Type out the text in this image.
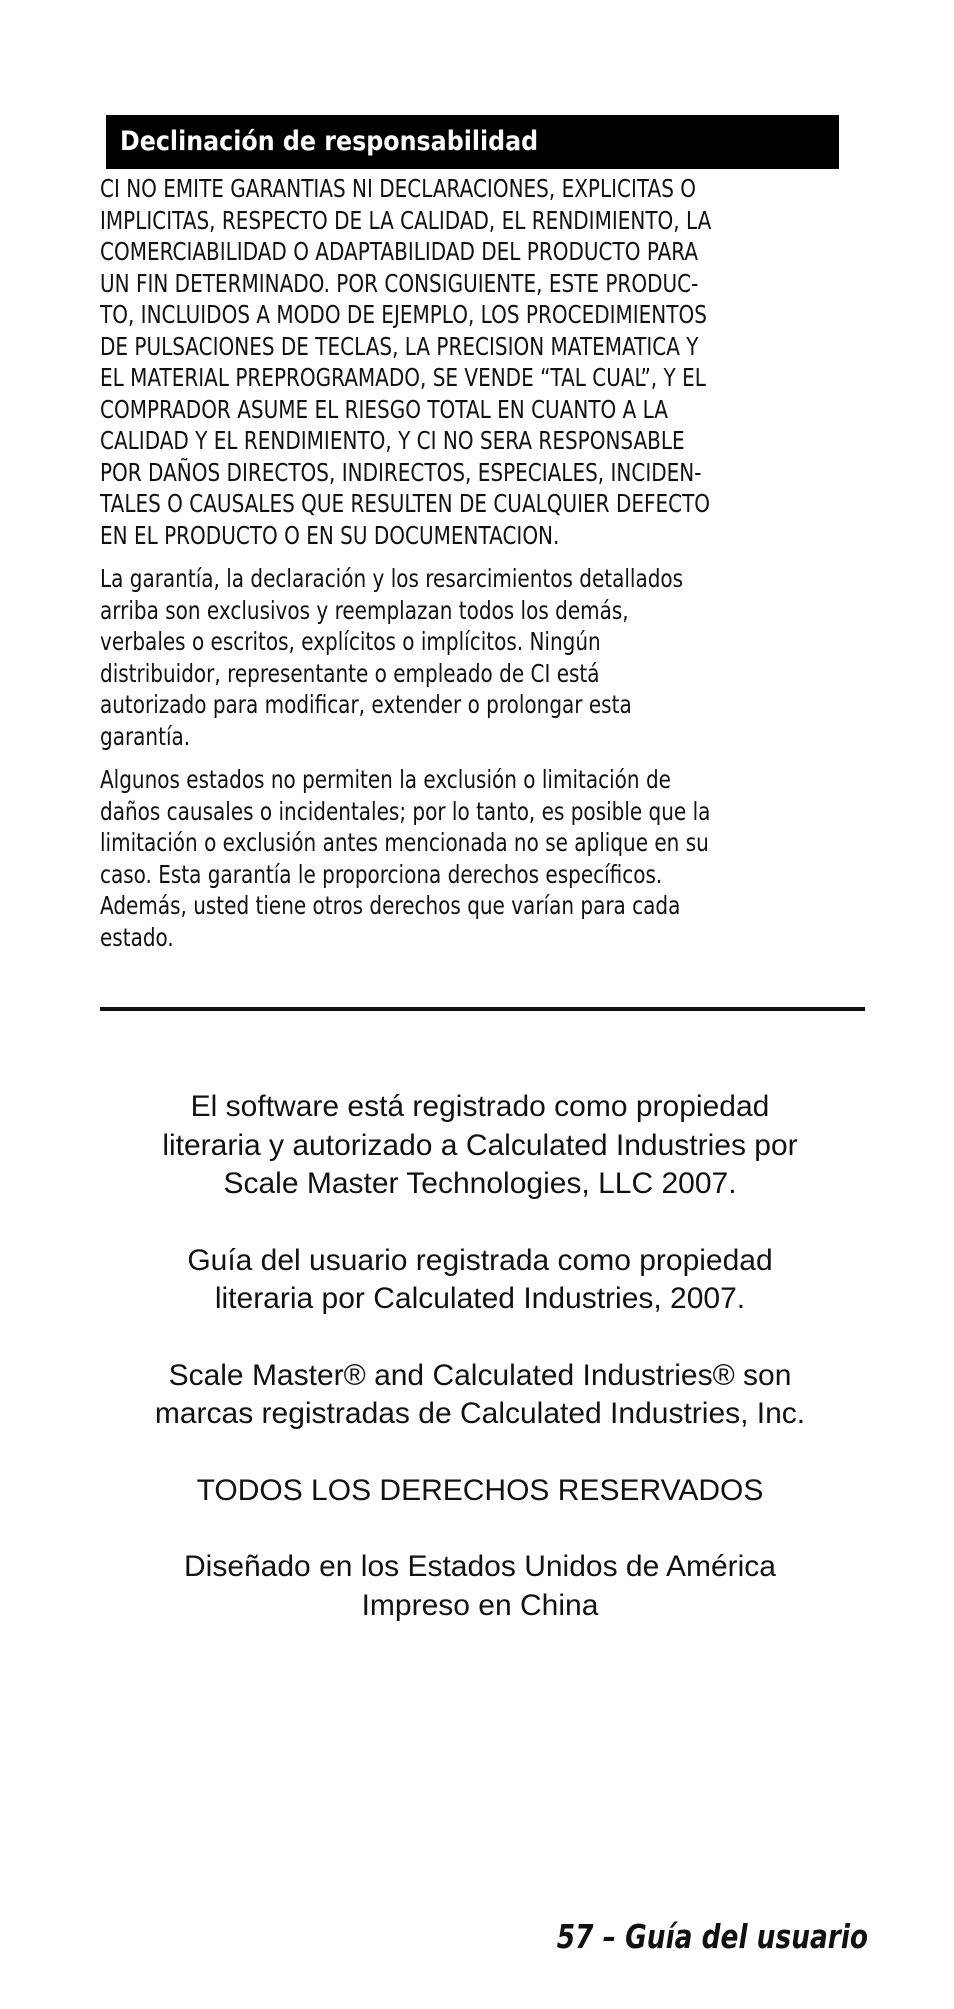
Declinación de responsabilidad
CI NO EMITE GARANTIAS NI DECLARACIONES, EXPLICITAS O
IMPLICITAS, RESPECTO DE LA CALIDAD, EL RENDIMIENTO, LA
COMERCIABILIDAD O ADAPTABILIDAD DEL PRODUCTO PARA
UN FIN DETERMINADO. POR CONSIGUIENTE, ESTE PRODUC-
TO, INCLUIDOS A MODO DE EJEMPLO, LOS PROCEDIMIENTOS
DE PULSACIONES DE TECLAS, LA PRECISION MATEMATICA Y
EL MATERIAL PREPROGRAMADO, SE VENDE “TAL CUAL”, Y EL
COMPRADOR ASUME EL RIESGO TOTAL EN CUANTO A LA
CALIDAD Y EL RENDIMIENTO, Y CI NO SERA RESPONSABLE
POR DAÑOS DIRECTOS, INDIRECTOS, ESPECIALES, INCIDEN-
TALES O CAUSALES QUE RESULTEN DE CUALQUIER DEFECTO
EN EL PRODUCTO O EN SU DOCUMENTACION.
La garantía, la declaración y los resarcimientos detallados
arriba son exclusivos y reemplazan todos los demás,
verbales o escritos, explícitos o implícitos. Ningún
distribuidor, representante o empleado de CI está
autorizado para modificar, extender o prolongar esta
garantía.
Algunos estados no permiten la exclusión o limitación de
daños causales o incidentales; por lo tanto, es posible que la
limitación o exclusión antes mencionada no se aplique en su
caso. Esta garantía le proporciona derechos específicos.
Además, usted tiene otros derechos que varían para cada
estado.

El software está registrado como propiedad
literaria y autorizado a Calculated Industries por
Scale Master Technologies, LLC 2007.

Guía del usuario registrada como propiedad
literaria por Calculated Industries, 2007.

Scale Master® and Calculated Industries® son
marcas registradas de Calculated Industries, Inc.

TODOS LOS DERECHOS RESERVADOS

Diseñado en los Estados Unidos de América
Impreso en China

57 – Guía del usuario
